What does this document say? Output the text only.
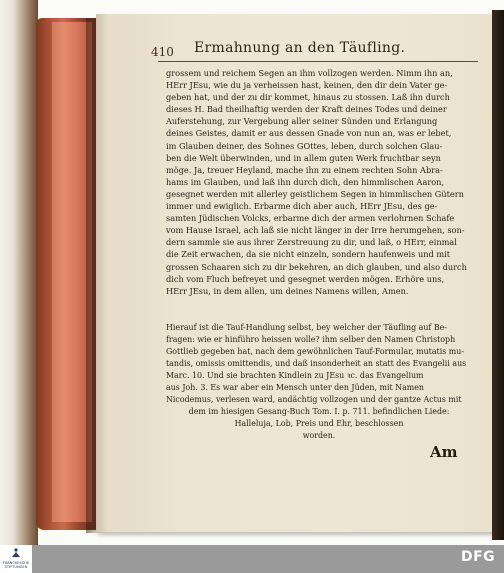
410 Ermahnung an den Täufling.
grossem und reichem Segen an ihm vollzogen werden. Nimm ihn an,
HErr JEsu, wie du ja verheissen hast, keinen, den dir dein Vater ge-
geben hat, und der zu dir kommet, hinaus zu stossen. Laß ihn durch
dieses H. Bad theilhaftig werden der Kraft deines Todes und deiner
Auferstehung, zur Vergebung aller seiner Sünden und Erlangung
deines Geistes, damit er aus dessen Gnade von nun an, was er lebet,
im Glauben deiner, des Sohnes GOttes, leben, durch solchen Glau-
ben die Welt überwinden, und in allem guten Werk fruchtbar seyn
möge. Ja, treuer Heyland, mache ihn zu einem rechten Sohn Abra-
hams im Glauben, und laß ihn durch dich, den himmlischen Aaron,
gesegnet werden mit allerley geistlichem Segen in himmlischen Gütern
immer und ewiglich. Erbarme dich aber auch, HErr JEsu, des ge-
samten Jüdischen Volcks, erbarme dich der armen verlohrnen Schafe
vom Hause Israel, ach laß sie nicht länger in der Irre herumgehen, son-
dern sammle sie aus ihrer Zerstreuung zu dir, und laß, o HErr, einmal
die Zeit erwachen, da sie nicht einzeln, sondern haufenweis und mit
grossen Schaaren sich zu dir bekehren, an dich glauben, und also durch
dich vom Fluch befreyet und gesegnet werden mögen. Erhöre uns,
HErr JEsu, in dem allen, um deines Namens willen, Amen.
Hierauf ist die Tauf-Handlung selbst, bey welcher der Täufling auf Be-
fragen: wie er hinführo heissen wolle? ihm selber den Namen Christoph
Gottlieb gegeben hat, nach dem gewöhnlichen Tauf-Formular, mutatis mu-
tandis, omissis omittendis, und daß insonderheit an statt des Evangelii aus
Marc. 10. Und sie brachten Kindlein zu JEsu ꝛc. das Evangelium
aus Joh. 3. Es war aber ein Mensch unter den Jüden, mit Namen
Nicodemus, verlesen ward, andächtig vollzogen und der gantze Actus mit
dem im hiesigen Gesang-Buch Tom. I. p. 711. befindlichen Liede:
Halleluja, Lob, Preis und Ehr, beschlossen
worden.
Am
FRANCKESCHE STIFTUNGEN
DFG
